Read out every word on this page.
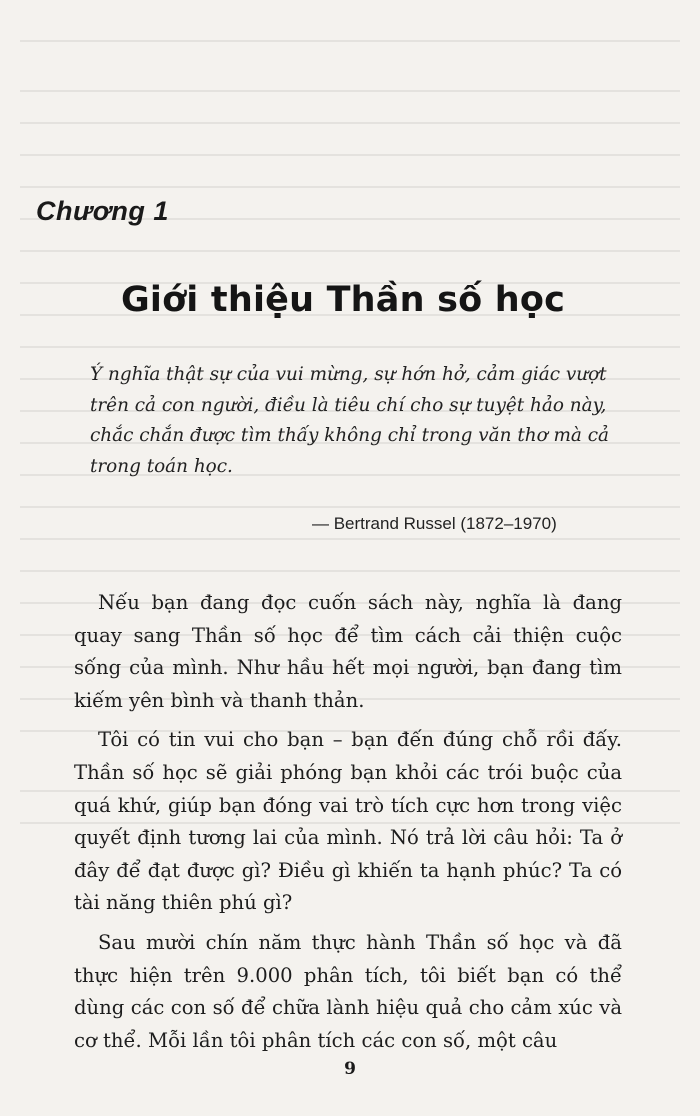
Chương 1
Giới thiệu Thần số học

Ý nghĩa thật sự của vui mừng, sự hớn hở, cảm giác vượt trên cả con người, điều là tiêu chí cho sự tuyệt hảo này, chắc chắn được tìm thấy không chỉ trong văn thơ mà cả trong toán học.

— Bertrand Russel (1872–1970)

Nếu bạn đang đọc cuốn sách này, nghĩa là đang quay sang Thần số học để tìm cách cải thiện cuộc sống của mình. Như hầu hết mọi người, bạn đang tìm kiếm yên bình và thanh thản.

Tôi có tin vui cho bạn – bạn đến đúng chỗ rồi đấy. Thần số học sẽ giải phóng bạn khỏi các trói buộc của quá khứ, giúp bạn đóng vai trò tích cực hơn trong việc quyết định tương lai của mình. Nó trả lời câu hỏi: Ta ở đây để đạt được gì? Điều gì khiến ta hạnh phúc? Ta có tài năng thiên phú gì?

Sau mười chín năm thực hành Thần số học và đã thực hiện trên 9.000 phân tích, tôi biết bạn có thể dùng các con số để chữa lành hiệu quả cho cảm xúc và cơ thể. Mỗi lần tôi phân tích các con số, một câu

9
